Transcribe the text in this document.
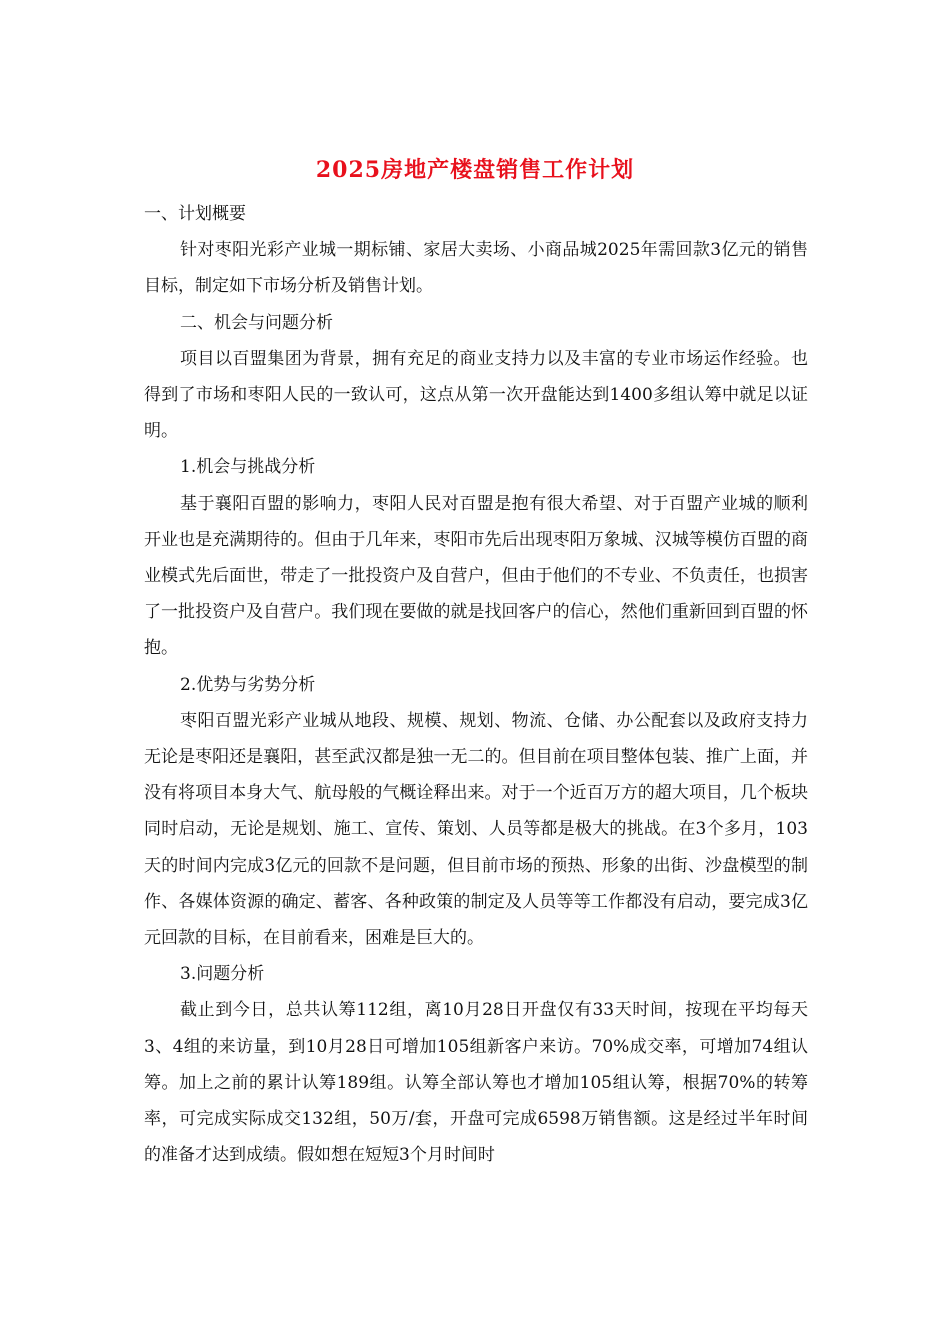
2025房地产楼盘销售工作计划

一、计划概要

针对枣阳光彩产业城一期标铺、家居大卖场、小商品城2025年需回款3亿元的销售目标，制定如下市场分析及销售计划。

二、机会与问题分析

项目以百盟集团为背景，拥有充足的商业支持力以及丰富的专业市场运作经验。也得到了市场和枣阳人民的一致认可，这点从第一次开盘能达到1400多组认筹中就足以证明。

1.机会与挑战分析

基于襄阳百盟的影响力，枣阳人民对百盟是抱有很大希望、对于百盟产业城的顺利开业也是充满期待的。但由于几年来，枣阳市先后出现枣阳万象城、汉城等模仿百盟的商业模式先后面世，带走了一批投资户及自营户，但由于他们的不专业、不负责任，也损害了一批投资户及自营户。我们现在要做的就是找回客户的信心，然他们重新回到百盟的怀抱。

2.优势与劣势分析

枣阳百盟光彩产业城从地段、规模、规划、物流、仓储、办公配套以及政府支持力无论是枣阳还是襄阳，甚至武汉都是独一无二的。但目前在项目整体包装、推广上面，并没有将项目本身大气、航母般的气概诠释出来。对于一个近百万方的超大项目，几个板块同时启动，无论是规划、施工、宣传、策划、人员等都是极大的挑战。在3个多月，103天的时间内完成3亿元的回款不是问题，但目前市场的预热、形象的出街、沙盘模型的制作、各媒体资源的确定、蓄客、各种政策的制定及人员等等工作都没有启动，要完成3亿元回款的目标，在目前看来，困难是巨大的。

3.问题分析

截止到今日，总共认筹112组，离10月28日开盘仅有33天时间，按现在平均每天3、4组的来访量，到10月28日可增加105组新客户来访。70%成交率，可增加74组认筹。加上之前的累计认筹189组。认筹全部认筹也才增加105组认筹，根据70%的转筹率，可完成实际成交132组，50万/套，开盘可完成6598万销售额。这是经过半年时间的准备才达到成绩。假如想在短短3个月时间时
